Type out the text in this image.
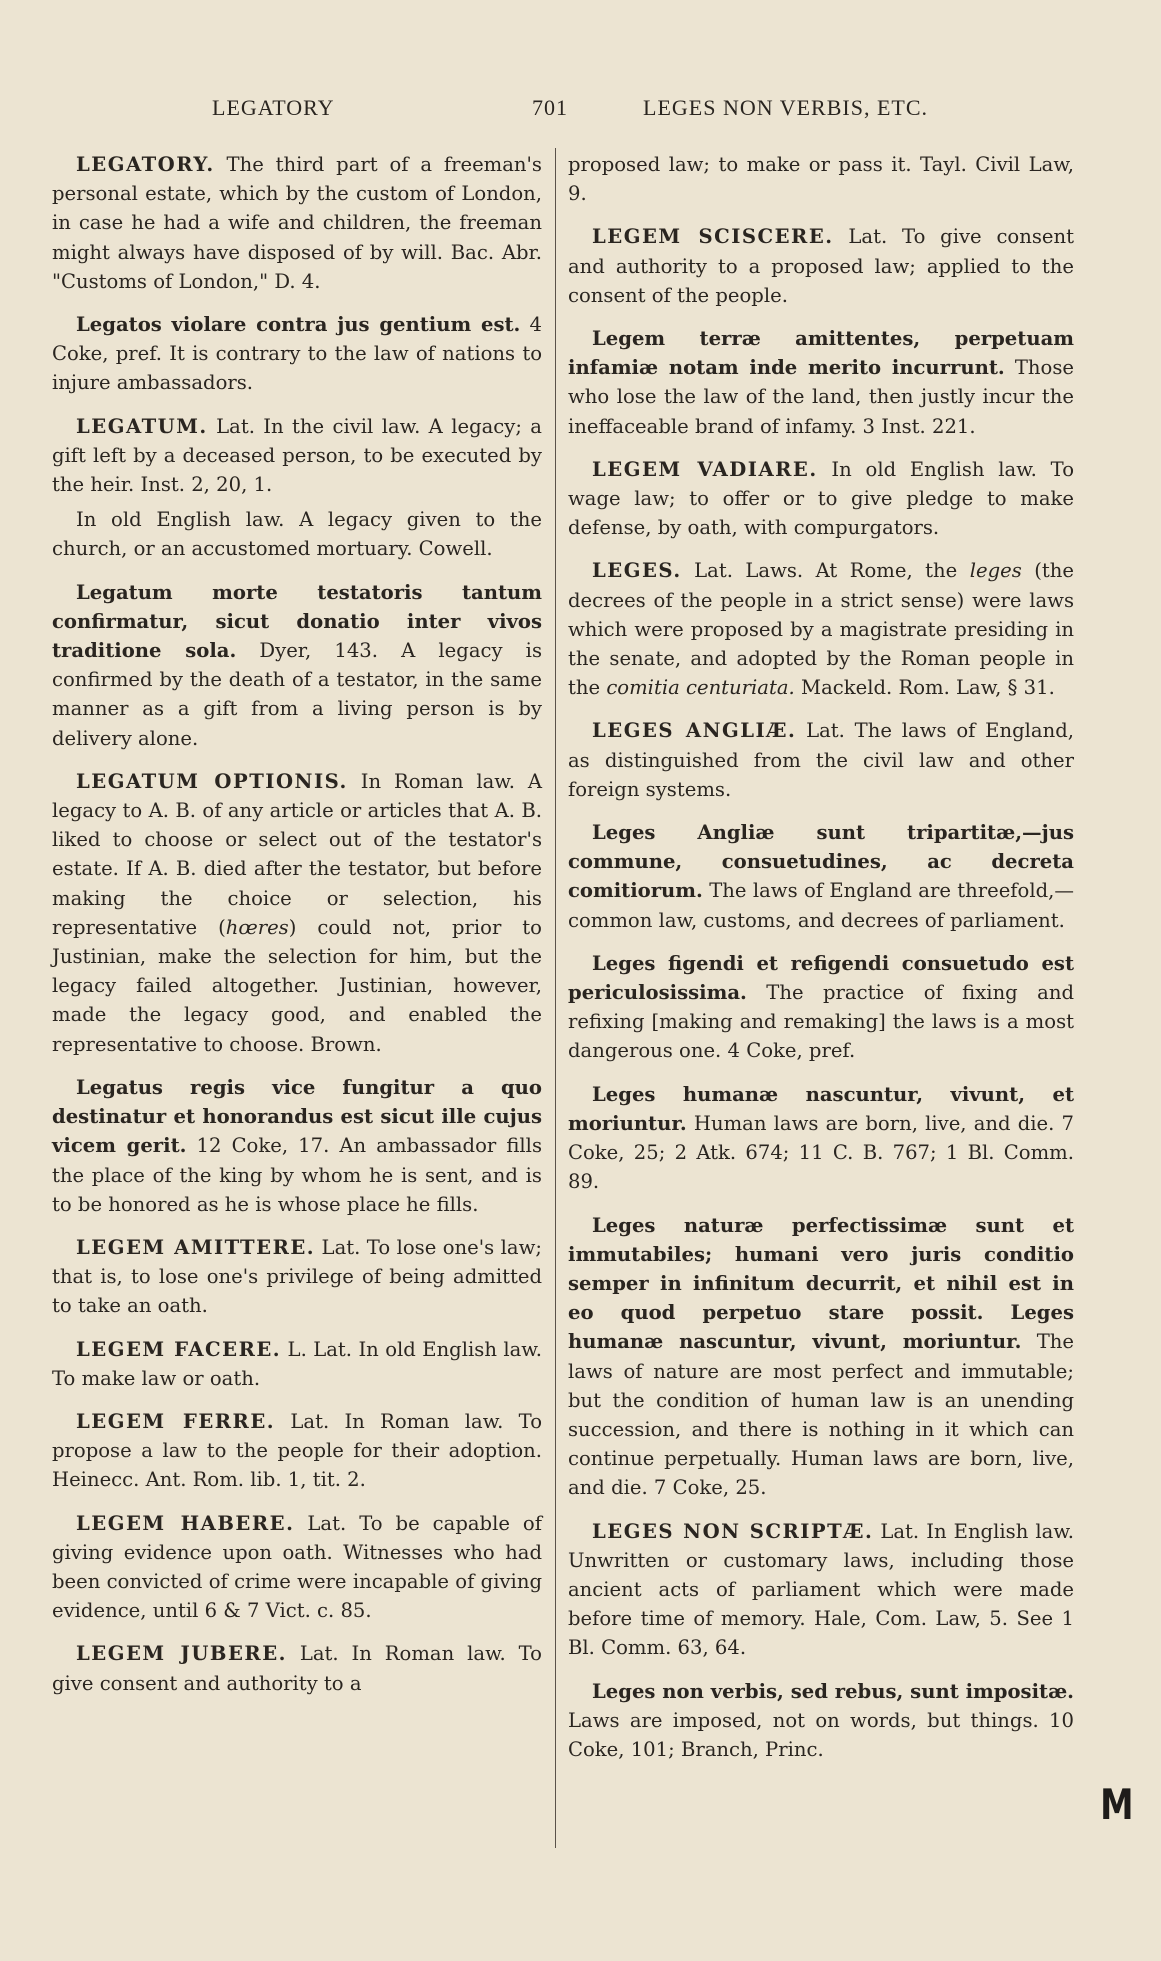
LEGATORY	701	LEGES NON VERBIS, ETC.

LEGATORY. The third part of a freeman's personal estate, which by the custom of London, in case he had a wife and children, the freeman might always have disposed of by will. Bac. Abr. "Customs of London," D. 4.

Legatos violare contra jus gentium est. 4 Coke, pref. It is contrary to the law of nations to injure ambassadors.

LEGATUM. Lat. In the civil law. A legacy; a gift left by a deceased person, to be executed by the heir. Inst. 2, 20, 1.

In old English law. A legacy given to the church, or an accustomed mortuary. Cowell.

Legatum morte testatoris tantum confirmatur, sicut donatio inter vivos traditione sola. Dyer, 143. A legacy is confirmed by the death of a testator, in the same manner as a gift from a living person is by delivery alone.

LEGATUM OPTIONIS. In Roman law. A legacy to A. B. of any article or articles that A. B. liked to choose or select out of the testator's estate. If A. B. died after the testator, but before making the choice or selection, his representative (hœres) could not, prior to Justinian, make the selection for him, but the legacy failed altogether. Justinian, however, made the legacy good, and enabled the representative to choose. Brown.

Legatus regis vice fungitur a quo destinatur et honorandus est sicut ille cujus vicem gerit. 12 Coke, 17. An ambassador fills the place of the king by whom he is sent, and is to be honored as he is whose place he fills.

LEGEM AMITTERE. Lat. To lose one's law; that is, to lose one's privilege of being admitted to take an oath.

LEGEM FACERE. L. Lat. In old English law. To make law or oath.

LEGEM FERRE. Lat. In Roman law. To propose a law to the people for their adoption. Heinecc. Ant. Rom. lib. 1, tit. 2.

LEGEM HABERE. Lat. To be capable of giving evidence upon oath. Witnesses who had been convicted of crime were incapable of giving evidence, until 6 & 7 Vict. c. 85.

LEGEM JUBERE. Lat. In Roman law. To give consent and authority to a

proposed law; to make or pass it. Tayl. Civil Law, 9.

LEGEM SCISCERE. Lat. To give consent and authority to a proposed law; applied to the consent of the people.

Legem terræ amittentes, perpetuam infamiæ notam inde merito incurrunt. Those who lose the law of the land, then justly incur the ineffaceable brand of infamy. 3 Inst. 221.

LEGEM VADIARE. In old English law. To wage law; to offer or to give pledge to make defense, by oath, with compurgators.

LEGES. Lat. Laws. At Rome, the leges (the decrees of the people in a strict sense) were laws which were proposed by a magistrate presiding in the senate, and adopted by the Roman people in the comitia centuriata. Mackeld. Rom. Law, § 31.

LEGES ANGLIÆ. Lat. The laws of England, as distinguished from the civil law and other foreign systems.

Leges Angliæ sunt tripartitæ,—jus commune, consuetudines, ac decreta comitiorum. The laws of England are threefold,—common law, customs, and decrees of parliament.

Leges figendi et refigendi consuetudo est periculosissima. The practice of fixing and refixing [making and remaking] the laws is a most dangerous one. 4 Coke, pref.

Leges humanæ nascuntur, vivunt, et moriuntur. Human laws are born, live, and die. 7 Coke, 25; 2 Atk. 674; 11 C. B. 767; 1 Bl. Comm. 89.

Leges naturæ perfectissimæ sunt et immutabiles; humani vero juris conditio semper in infinitum decurrit, et nihil est in eo quod perpetuo stare possit. Leges humanæ nascuntur, vivunt, moriuntur. The laws of nature are most perfect and immutable; but the condition of human law is an unending succession, and there is nothing in it which can continue perpetually. Human laws are born, live, and die. 7 Coke, 25.

LEGES NON SCRIPTÆ. Lat. In English law. Unwritten or customary laws, including those ancient acts of parliament which were made before time of memory. Hale, Com. Law, 5. See 1 Bl. Comm. 63, 64.

Leges non verbis, sed rebus, sunt impositæ. Laws are imposed, not on words, but things. 10 Coke, 101; Branch, Princ.

M
